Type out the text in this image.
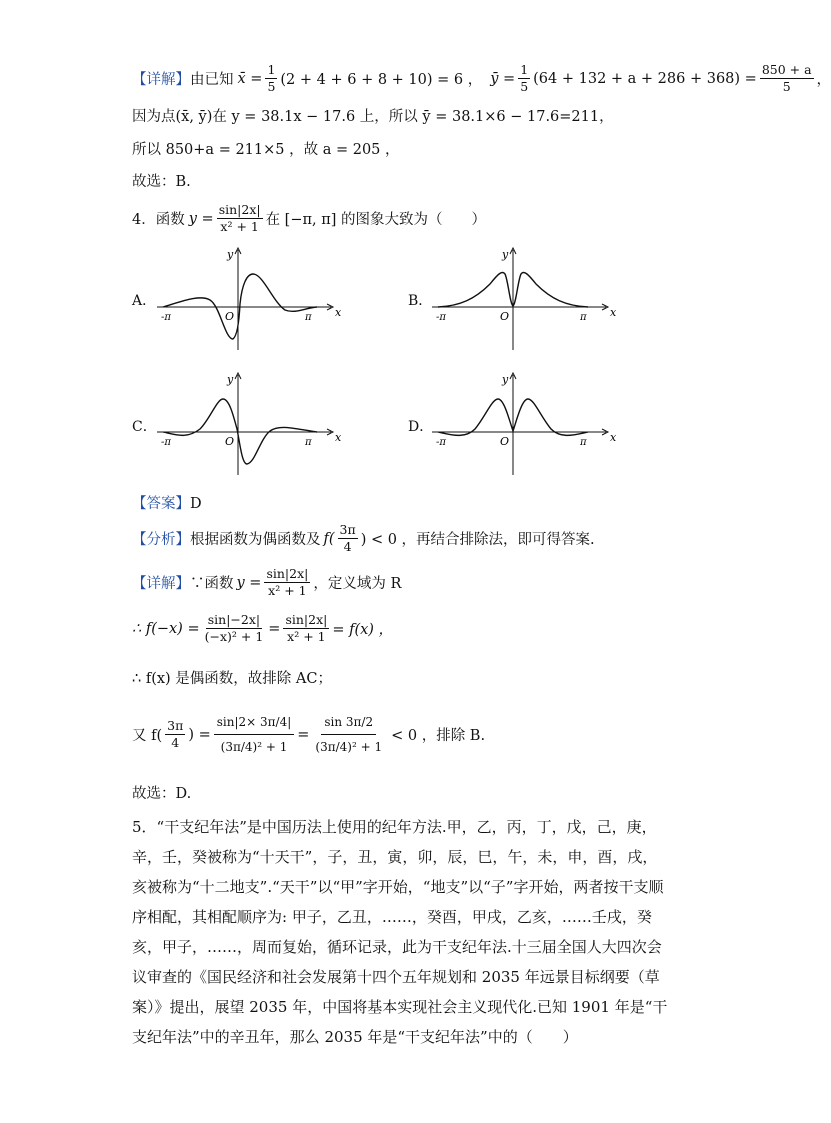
【详解】 由已知 x̄ = $\frac{1}{5} (2 + 4 + 6 + 8 + 10) = 6$ ， ȳ = $\frac{1}{5} (64 + 132 + a + 286 + 368) = \frac{850 + a}{5}$ ，
因为点(x̄, ȳ)在 y = 38.1x − 17.6 上，所以 ȳ = 38.1×6 − 17.6=211，
所以 850+a = 211×5 ，故 a = 205 ，
故选：B.
4．函数 $y = \frac{\sin|2x|}{\text{x² + 1}}$ 在 [−π, π] 的图象大致为（　　）
A．	B．
C．	D．
-π	π x
y
O	-π	π x
y
O
-π	π x
y
O	-π	π x
y
O
【答案】D
【分析】 根据函数为偶函数及 $f( \frac{3\pi}{4}$ ) < 0 ，再结合排除法，即可得答案.
【详解】 ∵函数 $y = \frac{\sin|2x|}{\text{x² + 1}}$ ，定义域为 R
∴ $f(-x) = \frac{\sin|-2x|}{\text{(−x)² + 1}} = \frac{\sin|2x|}{\text{x² + 1}} = f(x)$ ，
∴ f(x) 是偶函数，故排除 AC；
又 $f( \frac{3\pi}{4}$ ) = $\frac{\sin|2\times 3\pi/4|}{\text{(3π/4)² + 1}} = \frac{\sin 3\pi/2}{\text{(3π/4)² + 1}} < 0$ ，排除 B.
故选：D.
5．“干支纪年法”是中国历法上使用的纪年方法.甲，乙，丙，丁，戊，己，庚，辛，壬，癸被称为“十天干”，子，丑，寅，卯，辰，巳，午，未，申，酉，戌，亥被称为“十二地支”.“天干”以“甲”字开始，“地支”以“子”字开始，两者按干支顺序相配，其相配顺序为: 甲子，乙丑，……，癸酉，甲戌，乙亥，……壬戌，癸亥，甲子，……，周而复始，循环记录，此为干支纪年法.十三届全国人大四次会议审查的《国民经济和社会发展第十四个五年规划和 2035 年远景目标纲要（草案）》提出，展望 2035 年，中国将基本实现社会主义现代化.已知 1901 年是“干支纪年法”中的辛丑年，那么 2035 年是“干支纪年法”中的（　　）
